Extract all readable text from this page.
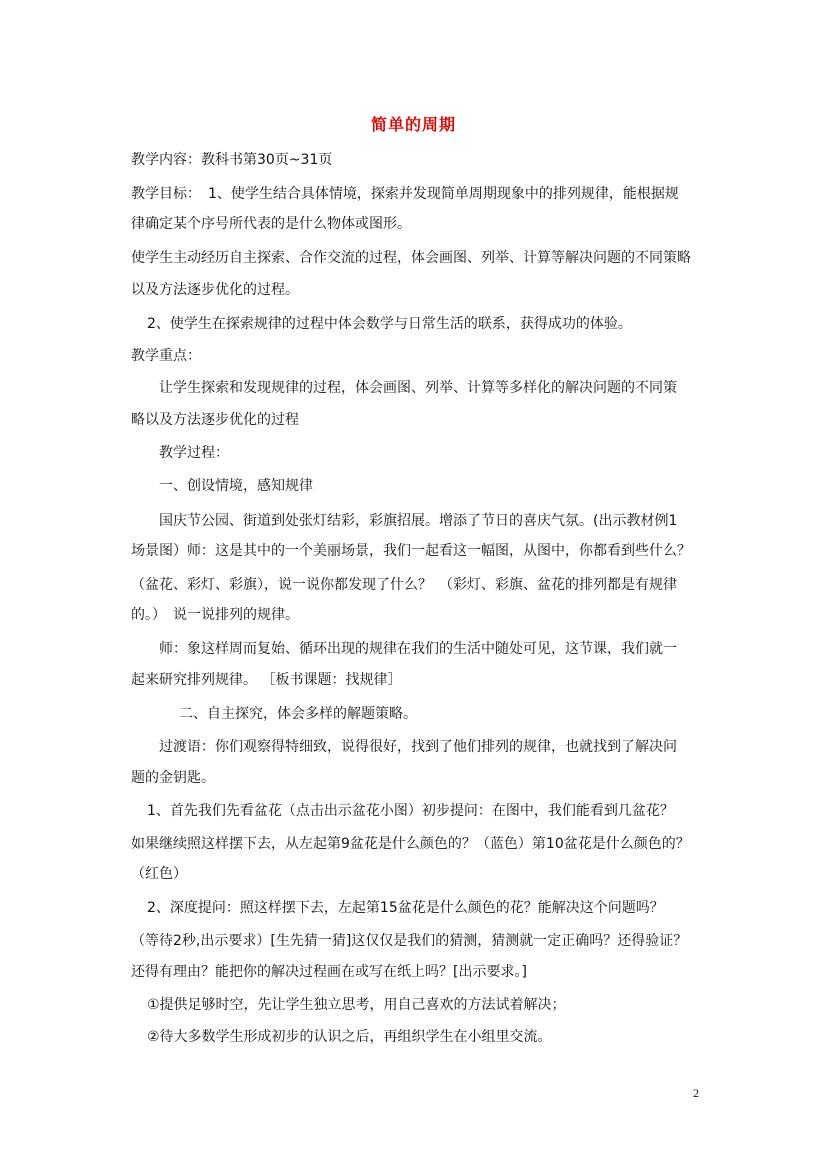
简单的周期
教学内容：教科书第30页~31页
教学目标：　1、使学生结合具体情境，探索并发现简单周期现象中的排列规律，能根据规
律确定某个序号所代表的是什么物体或图形。
使学生主动经历自主探索、合作交流的过程，体会画图、列举、计算等解决问题的不同策略
以及方法逐步优化的过程。
2、使学生在探索规律的过程中体会数学与日常生活的联系，获得成功的体验。
教学重点：
让学生探索和发现规律的过程，体会画图、列举、计算等多样化的解决问题的不同策
略以及方法逐步优化的过程
教学过程：
一、创设情境，感知规律
国庆节公园、街道到处张灯结彩，彩旗招展。增添了节日的喜庆气氛。(出示教材例1
场景图）师：这是其中的一个美丽场景，我们一起看这一幅图，从图中，你都看到些什么？
（盆花、彩灯、彩旗），说一说你都发现了什么？　（彩灯、彩旗、盆花的排列都是有规律
的。）　说一说排列的规律。
师：象这样周而复始、循环出现的规律在我们的生活中随处可见，这节课，我们就一
起来研究排列规律。 ［板书课题：找规律］
二、自主探究，体会多样的解题策略。
过渡语：你们观察得特细致，说得很好，找到了他们排列的规律，也就找到了解决问
题的金钥匙。
1、首先我们先看盆花（点击出示盆花小图）初步提问：在图中，我们能看到几盆花？
如果继续照这样摆下去，从左起第9盆花是什么颜色的？（蓝色）第10盆花是什么颜色的？
（红色）
2、深度提问：照这样摆下去，左起第15盆花是什么颜色的花？能解决这个问题吗？
（等待2秒,出示要求）[生先猜一猜]这仅仅是我们的猜测，猜测就一定正确吗？还得验证？
还得有理由？能把你的解决过程画在或写在纸上吗？[出示要求。]
①提供足够时空，先让学生独立思考，用自己喜欢的方法试着解决；
②待大多数学生形成初步的认识之后，再组织学生在小组里交流。
2
